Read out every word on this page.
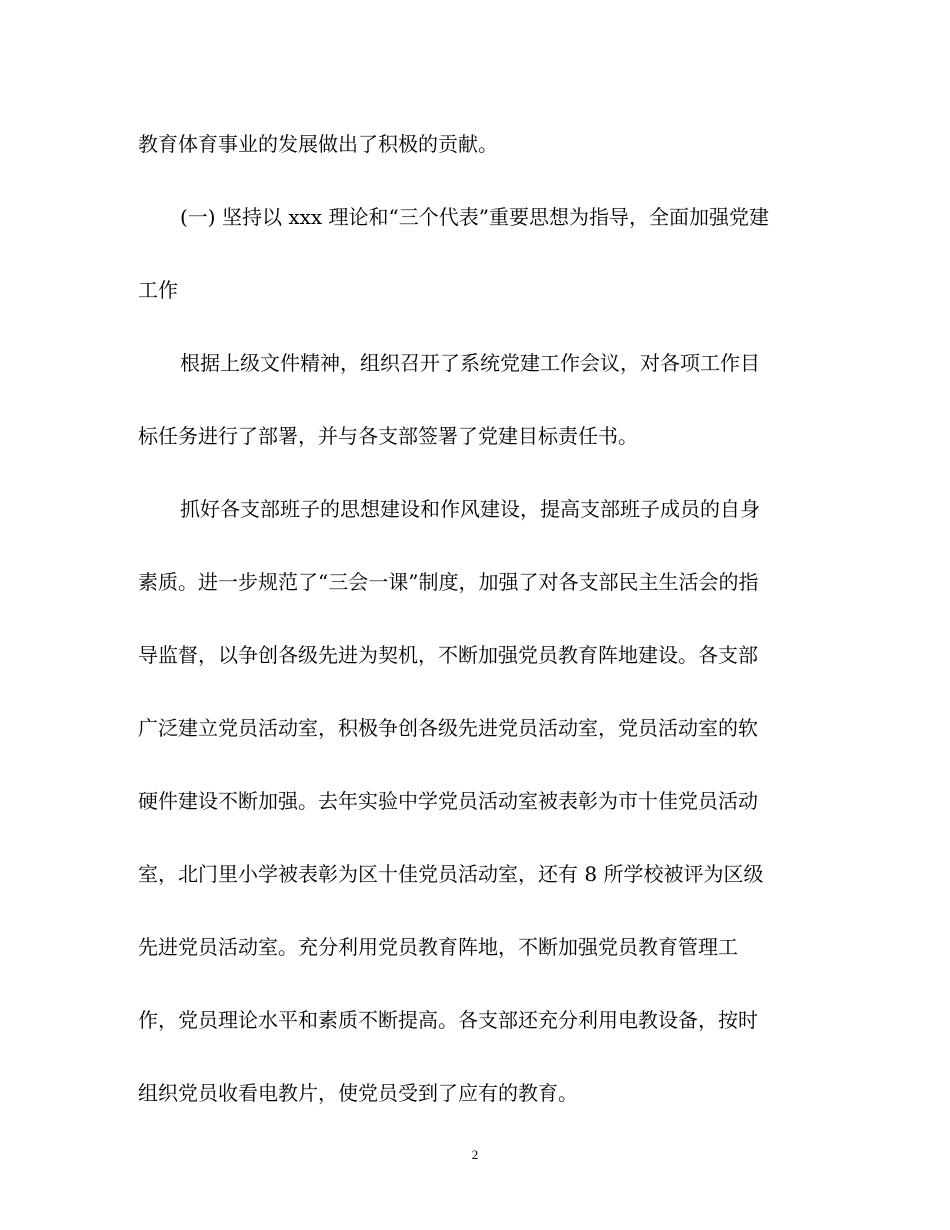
教育体育事业的发展做出了积极的贡献。
(一) 坚持以 xxx 理论和“三个代表”重要思想为指导，全面加强党建
工作
根据上级文件精神，组织召开了系统党建工作会议，对各项工作目
标任务进行了部署，并与各支部签署了党建目标责任书。
抓好各支部班子的思想建设和作风建设，提高支部班子成员的自身
素质。进一步规范了“三会一课”制度，加强了对各支部民主生活会的指
导监督，以争创各级先进为契机，不断加强党员教育阵地建设。各支部
广泛建立党员活动室，积极争创各级先进党员活动室，党员活动室的软
硬件建设不断加强。去年实验中学党员活动室被表彰为市十佳党员活动
室，北门里小学被表彰为区十佳党员活动室，还有 8 所学校被评为区级
先进党员活动室。充分利用党员教育阵地，不断加强党员教育管理工
作，党员理论水平和素质不断提高。各支部还充分利用电教设备，按时
组织党员收看电教片，使党员受到了应有的教育。
2
